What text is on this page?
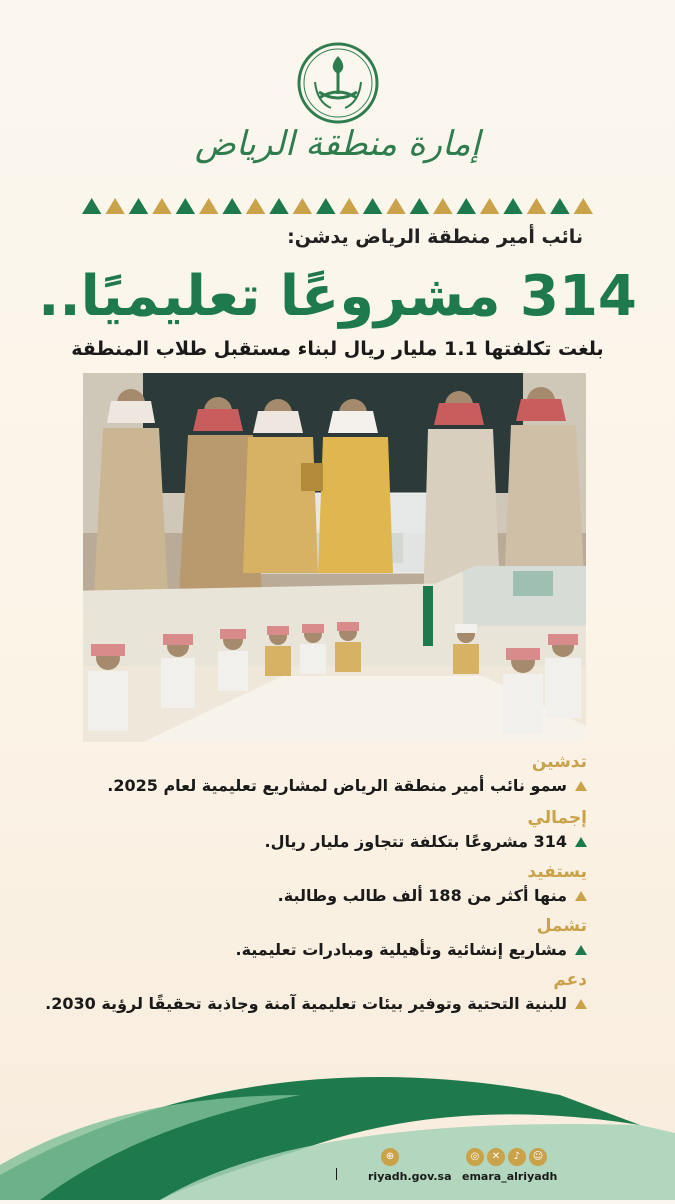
إمارة منطقة الرياض
نائب أمير منطقة الرياض يدشن:
314 مشروعًا تعليميًا..
بلغت تكلفتها 1.1 مليار ريال لبناء مستقبل طلاب المنطقة
تدشين
سمو نائب أمير منطقة الرياض لمشاريع تعليمية لعام 2025.
إجمالي
314 مشروعًا بتكلفة تتجاوز مليار ريال.
يستفيد
منها أكثر من 188 ألف طالب وطالبة.
تشمل
مشاريع إنشائية وتأهيلية ومبادرات تعليمية.
دعم
للبنية التحتية وتوفير بيئات تعليمية آمنة وجاذبة تحقيقًا لرؤية 2030.
⊕
riyadh.gov.sa
◎	✕	♪	☺
emara_alriyadh
